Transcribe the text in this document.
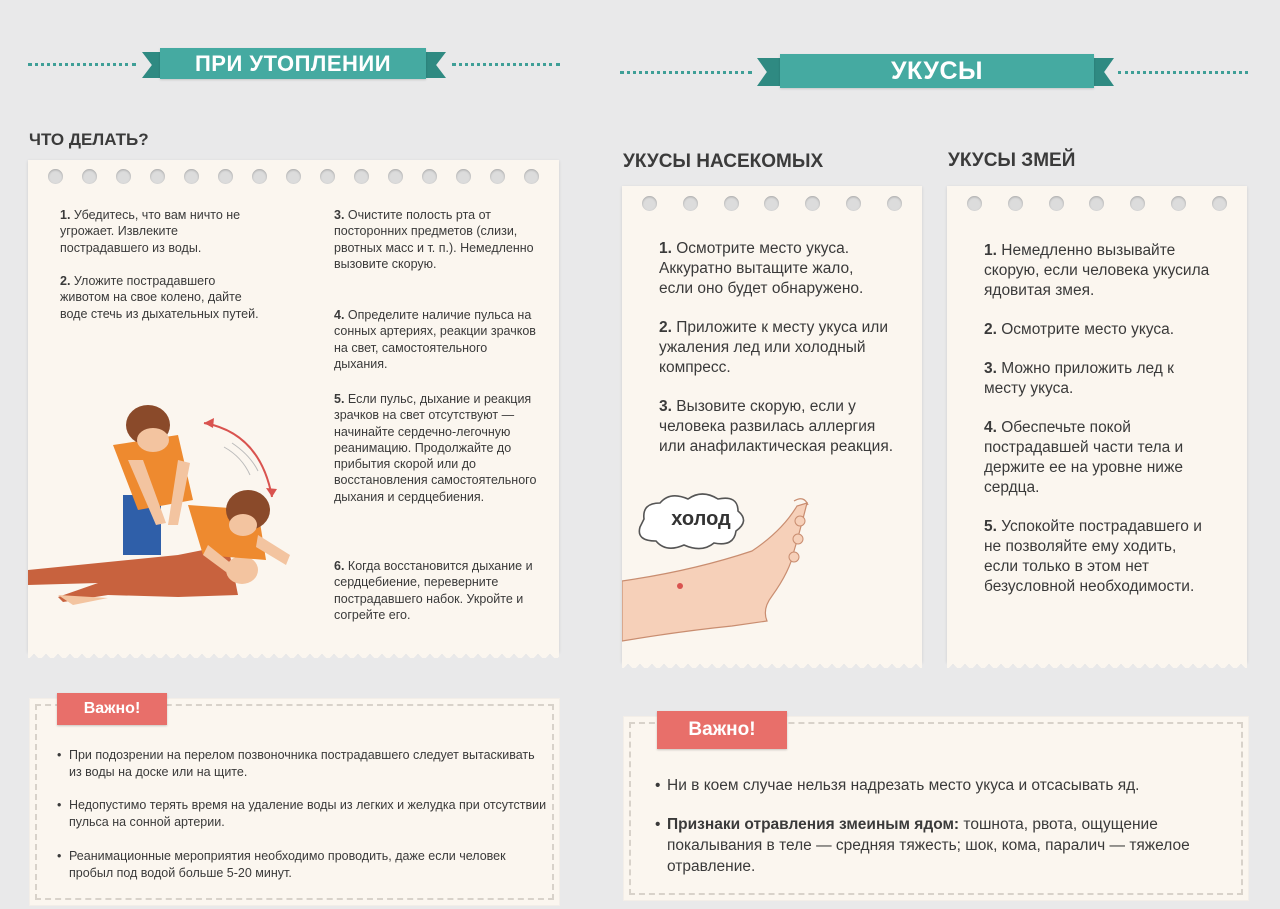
ПРИ УТОПЛЕНИИ
ЧТО ДЕЛАТЬ?
1. Убедитесь, что вам ничто не угрожает. Извлеките пострадавшего из воды.
2. Уложите пострадавшего животом на свое колено, дайте воде стечь из дыхательных путей.
3. Очистите полость рта от посторонних предметов (слизи, рвотных масс и т. п.). Немедленно вызовите скорую.
4. Определите наличие пульса на сонных артериях, реакции зрачков на свет, самостоятельного дыхания.
5. Если пульс, дыхание и реакция зрачков на свет отсутствуют — начинайте сердечно-легочную реанимацию. Продолжайте до прибытия скорой или до восстановления самостоятельного дыхания и сердцебиения.
6. Когда восстановится дыхание и сердцебиение, переверните пострадавшего набок. Укройте и согрейте его.
Важно!
• При подозрении на перелом позвоночника пострадавшего следует вытаскивать из воды на доске или на щите.
• Недопустимо терять время на удаление воды из легких и желудка при отсутствии пульса на сонной артерии.
• Реанимационные мероприятия необходимо проводить, даже если человек пробыл под водой больше 5-20 минут.
УКУСЫ
УКУСЫ НАСЕКОМЫХ	УКУСЫ ЗМЕЙ
1. Осмотрите место укуса. Аккуратно вытащите жало, если оно будет обнаружено.
2. Приложите к месту укуса или ужаления лед или холодный компресс.
3. Вызовите скорую, если у человека развилась аллергия или анафилактическая реакция.
холод
1. Немедленно вызывайте скорую, если человека укусила ядовитая змея.
2. Осмотрите место укуса.
3. Можно приложить лед к месту укуса.
4. Обеспечьте покой пострадавшей части тела и держите ее на уровне ниже сердца.
5. Успокойте пострадавшего и не позволяйте ему ходить, если только в этом нет безусловной необходимости.
Важно!
• Ни в коем случае нельзя надрезать место укуса и отсасывать яд.
• Признаки отравления змеиным ядом: тошнота, рвота, ощущение покалывания в теле — средняя тяжесть; шок, кома, паралич — тяжелое отравление.
